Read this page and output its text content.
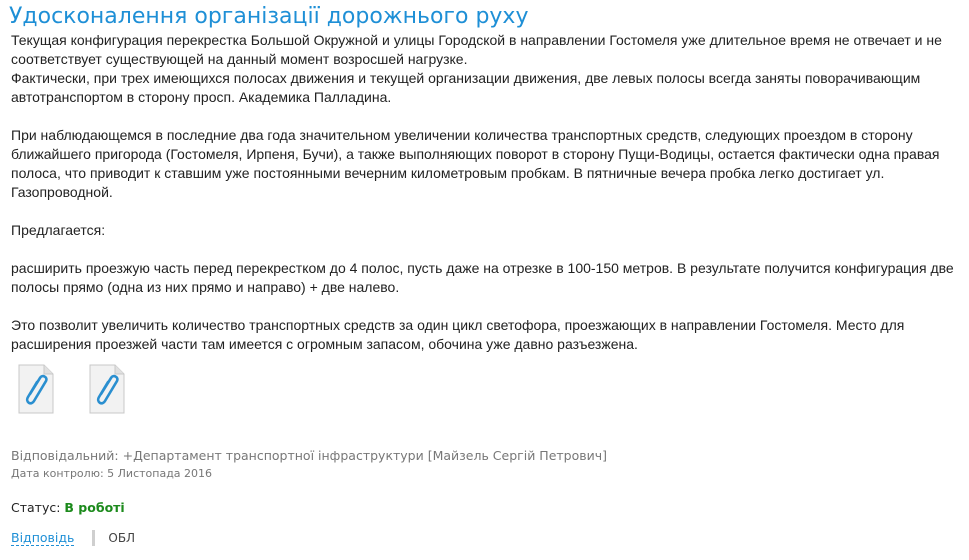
Удосконалення організації дорожнього руху

Текущая конфигурация перекрестка Большой Окружной и улицы Городской в направлении Гостомеля уже длительное время не отвечает и не соответствует существующей на данный момент возросшей нагрузке.

Фактически, при трех имеющихся полосах движения и текущей организации движения, две левых полосы всегда заняты поворачивающим автотранспортом в сторону просп. Академика Палладина.

При наблюдающемся в последние два года значительном увеличении количества транспортных средств, следующих проездом в сторону ближайшего пригорода (Гостомеля, Ирпеня, Бучи), а также выполняющих поворот в сторону Пущи-Водицы, остается фактически одна правая полоса, что приводит к ставшим уже постоянными вечерним километровым пробкам. В пятничные вечера пробка легко достигает ул. Газопроводной.

Предлагается:

расширить проезжую часть перед перекрестком до 4 полос, пусть даже на отрезке в 100-150 метров. В результате получится конфигурация две полосы прямо (одна из них прямо и направо) + две налево.

Это позволит увеличить количество транспортных средств за один цикл светофора, проезжающих в направлении Гостомеля. Место для расширения проезжей части там имеется с огромным запасом, обочина уже давно разъезжена.

Відповідальний: +Департамент транспортної інфраструктури [Майзель Сергій Петрович]
Дата контролю: 5 Листопада 2016
Статус: В роботі
Відповідь	ОБЛ
